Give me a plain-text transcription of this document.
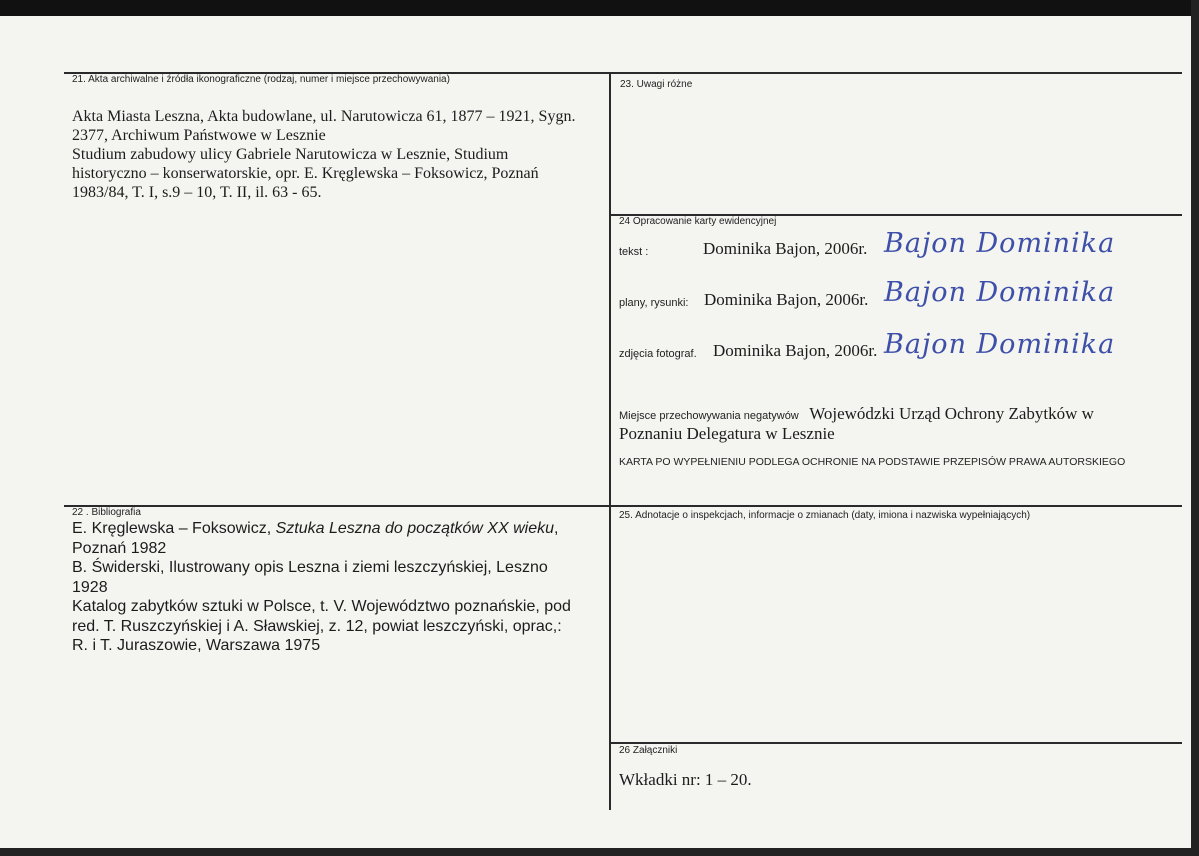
21. Akta archiwalne i źródła ikonograficzne (rodzaj, numer i miejsce przechowywania)
Akta Miasta Leszna, Akta budowlane, ul. Narutowicza 61, 1877 – 1921, Sygn.
2377, Archiwum Państwowe w Lesznie
Studium zabudowy ulicy Gabriele Narutowicza w Lesznie, Studium
historyczno – konserwatorskie, opr. E. Kręglewska – Foksowicz, Poznań
1983/84, T. I, s.9 – 10, T. II, il. 63 - 65.
23. Uwagi różne
24 Opracowanie karty ewidencyjnej
tekst :	Dominika Bajon, 2006r.
plany, rysunki: Dominika Bajon, 2006r.
zdjęcia fotograf. Dominika Bajon, 2006r.
Bajon Dominika
Bajon Dominika
Bajon Dominika
Miejsce przechowywania negatywów Wojewódzki Urząd Ochrony Zabytków w
Poznaniu Delegatura w Lesznie
KARTA PO WYPEŁNIENIU PODLEGA OCHRONIE NA PODSTAWIE PRZEPISÓW PRAWA AUTORSKIEGO
22 . Bibliografia
E. Kręglewska – Foksowicz, Sztuka Leszna do początków XX wieku,
Poznań 1982
B. Świderski, Ilustrowany opis Leszna i ziemi leszczyńskiej, Leszno
1928
Katalog zabytków sztuki w Polsce, t. V. Województwo poznańskie, pod
red. T. Ruszczyńskiej i A. Sławskiej, z. 12, powiat leszczyński, oprac,:
R. i T. Juraszowie, Warszawa 1975
25. Adnotacje o inspekcjach, informacje o zmianach (daty, imiona i nazwiska wypełniających)
26 Załączniki
Wkładki nr: 1 – 20.
